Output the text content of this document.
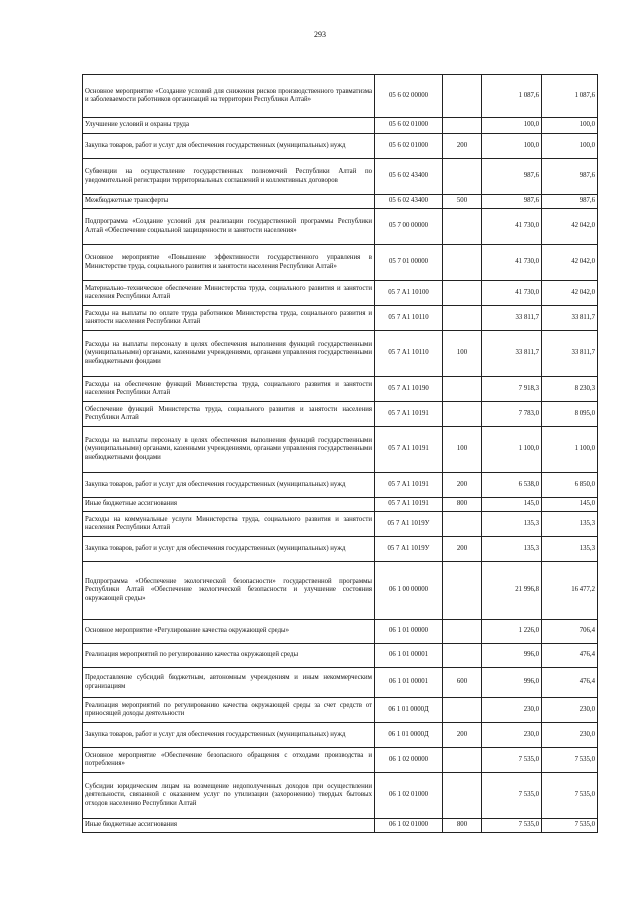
293
Основное мероприятие «Создание условий для снижения рисков производственного травматизма и заболеваемости работников организаций на территории Республики Алтай»	05 6 02 00000		1 087,6	1 087,6
Улучшение условий и охраны труда	05 6 02 01000		100,0	100,0
Закупка товаров, работ и услуг для обеспечения государственных (муниципальных) нужд	05 6 02 01000	200	100,0	100,0
Субвенции на осуществление государственных полномочий Республики Алтай по уведомительной регистрации территориальных соглашений и коллективных договоров	05 6 02 43400		987,6	987,6
Межбюджетные трансферты	05 6 02 43400	500	987,6	987,6
Подпрограмма «Создание условий для реализации государственной программы Республики Алтай «Обеспечение социальной защищенности и занятости населения»	05 7 00 00000		41 730,0	42 042,0
Основное мероприятие «Повышение эффективности государственного управления в Министерстве труда, социального развития и занятости населения Республики Алтай»	05 7 01 00000		41 730,0	42 042,0
Материально–техническое обеспечение Министерства труда, социального развития и занятости населения Республики Алтай	05 7 А1 10100		41 730,0	42 042,0
Расходы на выплаты по оплате труда работников Министерства труда, социального развития и занятости населения Республики Алтай	05 7 А1 10110		33 811,7	33 811,7
Расходы на выплаты персоналу в целях обеспечения выполнения функций государственными (муниципальными) органами, казенными учреждениями, органами управления государственными внебюджетными фондами	05 7 А1 10110	100	33 811,7	33 811,7
Расходы на обеспечение функций Министерства труда, социального развития и занятости населения Республики Алтай	05 7 А1 10190		7 918,3	8 230,3
Обеспечение функций Министерства труда, социального развития и занятости населения Республики Алтай	05 7 А1 10191		7 783,0	8 095,0
Расходы на выплаты персоналу в целях обеспечения выполнения функций государственными (муниципальными) органами, казенными учреждениями, органами управления государственными внебюджетными фондами	05 7 А1 10191	100	1 100,0	1 100,0
Закупка товаров, работ и услуг для обеспечения государственных (муниципальных) нужд	05 7 А1 10191	200	6 538,0	6 850,0
Иные бюджетные ассигнования	05 7 А1 10191	800	145,0	145,0
Расходы на коммунальные услуги Министерства труда, социального развития и занятости населения Республики Алтай	05 7 А1 1019У		135,3	135,3
Закупка товаров, работ и услуг для обеспечения государственных (муниципальных) нужд	05 7 А1 1019У	200	135,3	135,3
Подпрограмма «Обеспечение экологической безопасности» государственной программы Республики Алтай «Обеспечение экологической безопасности и улучшение состояния окружающей среды»	06 1 00 00000		21 996,8	16 477,2
Основное мероприятие «Регулирование качества окружающей среды»	06 1 01 00000		1 226,0	706,4
Реализация мероприятий по регулированию качества окружающей среды	06 1 01 00001		996,0	476,4
Предоставление субсидий бюджетным, автономным учреждениям и иным некоммерческим организациям	06 1 01 00001	600	996,0	476,4
Реализация мероприятий по регулированию качества окружающей среды за счет средств от приносящей доходы деятельности	06 1 01 0000Д		230,0	230,0
Закупка товаров, работ и услуг для обеспечения государственных (муниципальных) нужд	06 1 01 0000Д	200	230,0	230,0
Основное мероприятие «Обеспечение безопасного обращения с отходами производства и потребления»	06 1 02 00000		7 535,0	7 535,0
Субсидии юридическим лицам на возмещение недополученных доходов при осуществлении деятельности, связанной с оказанием услуг по утилизации (захоронению) твердых бытовых отходов населению Республики Алтай	06 1 02 01000		7 535,0	7 535,0
Иные бюджетные ассигнования	06 1 02 01000	800	7 535,0	7 535,0
